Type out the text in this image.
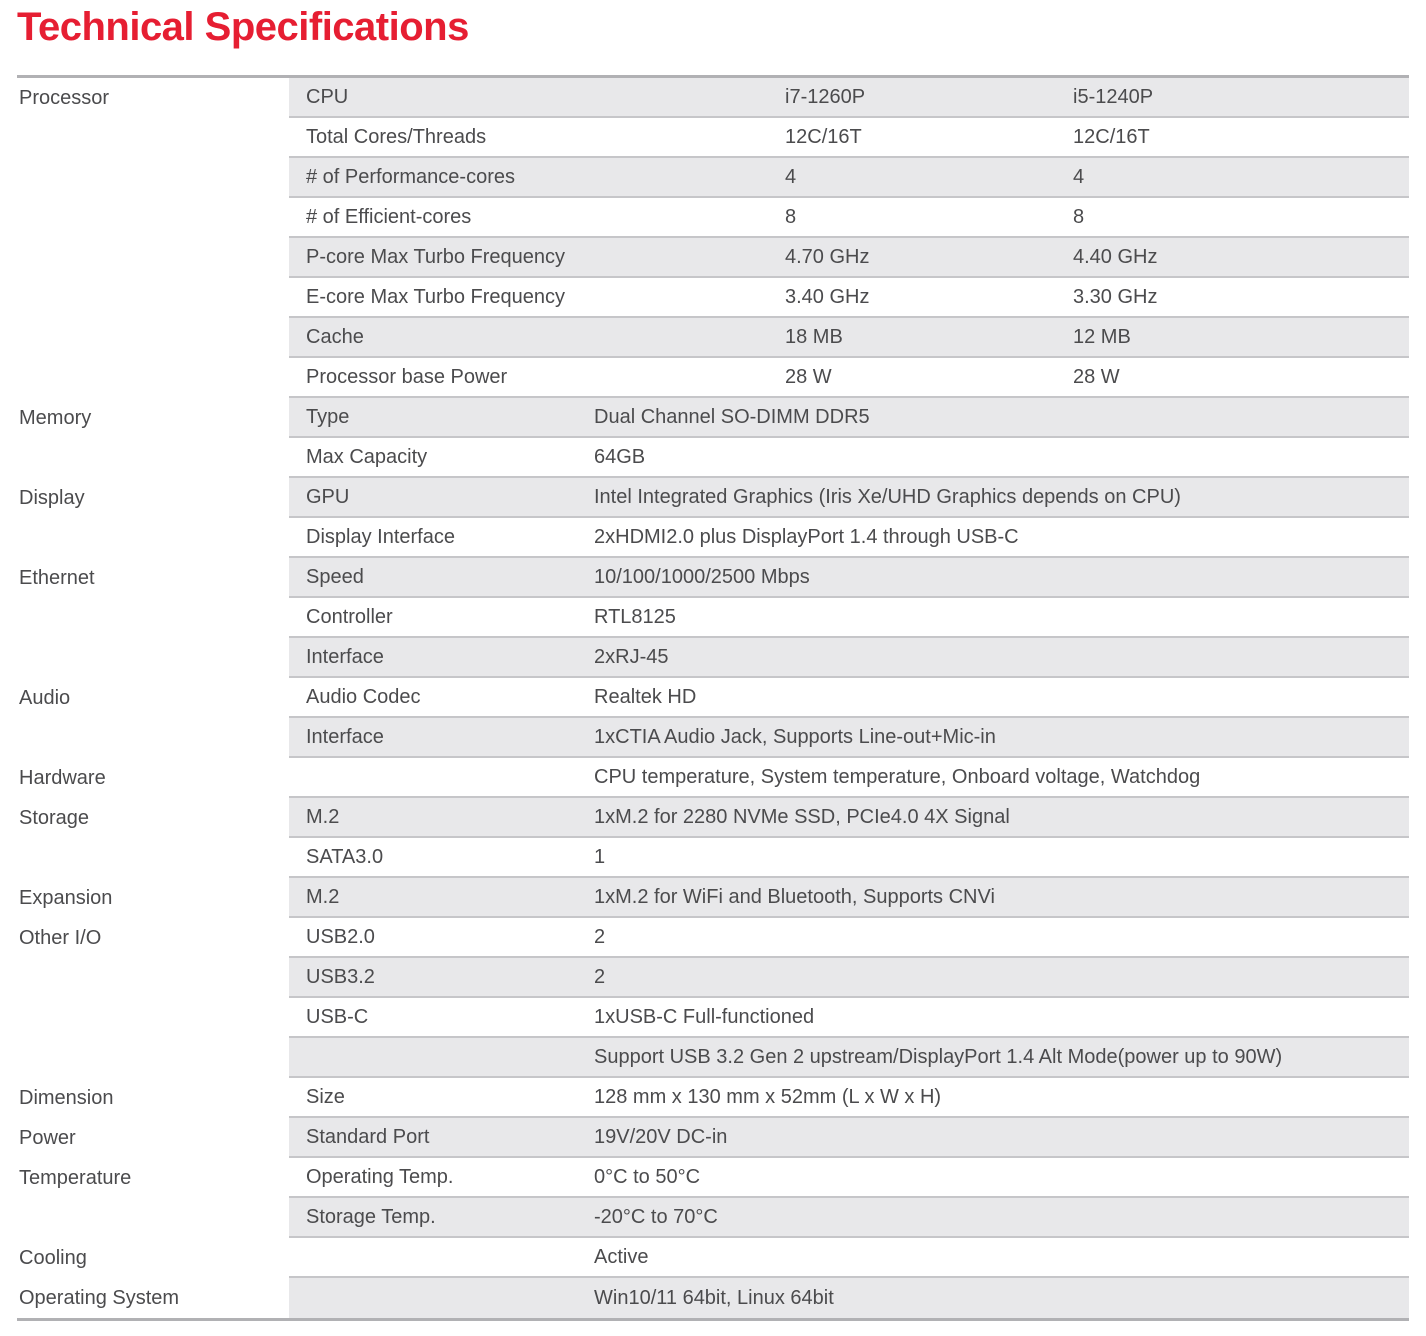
Technical Specifications
Processor	CPU	i7-1260P	i5-1240P
Total Cores/Threads	12C/16T	12C/16T
# of Performance-cores	4	4
# of Efficient-cores	8	8
P-core Max Turbo Frequency	4.70 GHz	4.40 GHz
E-core Max Turbo Frequency	3.40 GHz	3.30 GHz
Cache	18 MB	12 MB
Processor base Power	28 W	28 W
Memory	Type	Dual Channel SO-DIMM DDR5
Max Capacity	64GB
Display	GPU	Intel Integrated Graphics (Iris Xe/UHD Graphics depends on CPU)
Display Interface	2xHDMI2.0 plus DisplayPort 1.4 through USB-C
Ethernet	Speed	10/100/1000/2500 Mbps
Controller	RTL8125
Interface	2xRJ-45
Audio	Audio Codec	Realtek HD
Interface	1xCTIA Audio Jack, Supports Line-out+Mic-in
Hardware	CPU temperature, System temperature, Onboard voltage, Watchdog
Storage	M.2	1xM.2 for 2280 NVMe SSD, PCIe4.0 4X Signal
SATA3.0	1
Expansion	M.2	1xM.2 for WiFi and Bluetooth, Supports CNVi
Other I/O	USB2.0	2
USB3.2	2
USB-C	1xUSB-C Full-functioned
Support USB 3.2 Gen 2 upstream/DisplayPort 1.4 Alt Mode(power up to 90W)
Dimension	Size	128 mm x 130 mm x 52mm (L x W x H)
Power	Standard Port	19V/20V DC-in
Temperature	Operating Temp.	0°C to 50°C
Storage Temp.	-20°C to 70°C
Cooling	Active
Operating System	Win10/11 64bit, Linux 64bit
